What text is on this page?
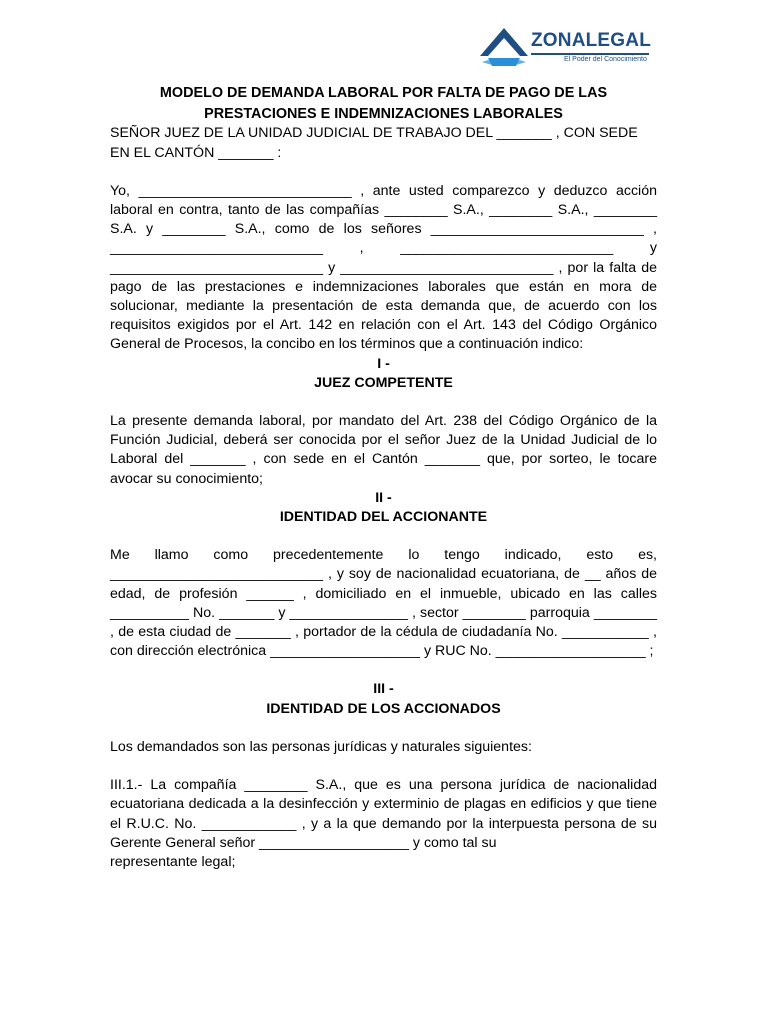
ZONALEGAL
El Poder del Conocimiento
MODELO DE DEMANDA LABORAL POR FALTA DE PAGO DE LAS
PRESTACIONES E INDEMNIZACIONES LABORALES

SEÑOR JUEZ DE LA UNIDAD JUDICIAL DE TRABAJO DEL _______ , CON SEDE EN EL CANTÓN _______ :

Yo, ___________________________ , ante usted comparezco y deduzco acción laboral en contra, tanto de las compañías ________ S.A., ________ S.A., ________ S.A. y ________ S.A., como de los señores ___________________________ , ___________________________ , ___________________________ y ___________________________ y ___________________________ , por la falta de pago de las prestaciones e indemnizaciones laborales que están en mora de solucionar, mediante la presentación de esta demanda que, de acuerdo con los requisitos exigidos por el Art. 142 en relación con el Art. 143 del Código Orgánico General de Procesos, la concibo en los términos que a continuación indico:

I -
JUEZ COMPETENTE

La presente demanda laboral, por mandato del Art. 238 del Código Orgánico de la Función Judicial, deberá ser conocida por el señor Juez de la Unidad Judicial de lo Laboral del _______ , con sede en el Cantón _______ que, por sorteo, le tocare avocar su conocimiento;

II -
IDENTIDAD DEL ACCIONANTE

Me llamo como precedentemente lo tengo indicado, esto es, ___________________________ , y soy de nacionalidad ecuatoriana, de __ años de edad, de profesión ______ , domiciliado en el inmueble, ubicado en las calles __________ No. _______ y _______________ , sector ________ parroquia ________ , de esta ciudad de _______ , portador de la cédula de ciudadanía No. ___________ , con dirección electrónica ___________________ y RUC No. ___________________ ;

III -
IDENTIDAD DE LOS ACCIONADOS

Los demandados son las personas jurídicas y naturales siguientes:

III.1.- La compañía ________ S.A., que es una persona jurídica de nacionalidad ecuatoriana dedicada a la desinfección y exterminio de plagas en edificios y que tiene el R.U.C. No. ____________ , y a la que demando por la interpuesta persona de su Gerente General señor ___________________ y como tal su

representante legal;
